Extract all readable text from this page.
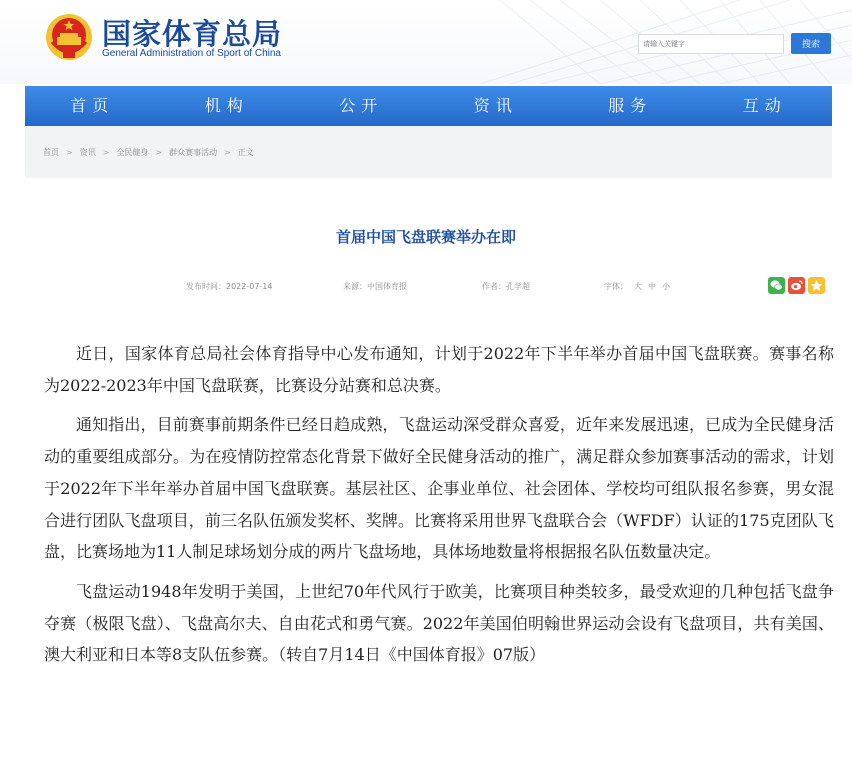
国家体育总局
General Administration of Sport of China
请输入关键字
搜索
首页	机构	公开	资讯	服务	互动
首页 > 资讯 > 全民健身 > 群众赛事活动 > 正文
首届中国飞盘联赛举办在即
发布时间：2022-07-14	来源：中国体育报	作者：孔学超	字体： 大 中 小

近日，国家体育总局社会体育指导中心发布通知，计划于2022年下半年举办首届中国飞盘联赛。赛事名称为2022-2023年中国飞盘联赛，比赛设分站赛和总决赛。

通知指出，目前赛事前期条件已经日趋成熟，飞盘运动深受群众喜爱，近年来发展迅速，已成为全民健身活动的重要组成部分。为在疫情防控常态化背景下做好全民健身活动的推广，满足群众参加赛事活动的需求，计划于2022年下半年举办首届中国飞盘联赛。基层社区、企事业单位、社会团体、学校均可组队报名参赛，男女混合进行团队飞盘项目，前三名队伍颁发奖杯、奖牌。比赛将采用世界飞盘联合会（WFDF）认证的175克团队飞盘，比赛场地为11人制足球场划分成的两片飞盘场地，具体场地数量将根据报名队伍数量决定。

飞盘运动1948年发明于美国，上世纪70年代风行于欧美，比赛项目种类较多，最受欢迎的几种包括飞盘争夺赛（极限飞盘）、飞盘高尔夫、自由花式和勇气赛。2022年美国伯明翰世界运动会设有飞盘项目，共有美国、澳大利亚和日本等8支队伍参赛。（转自7月14日《中国体育报》07版）
